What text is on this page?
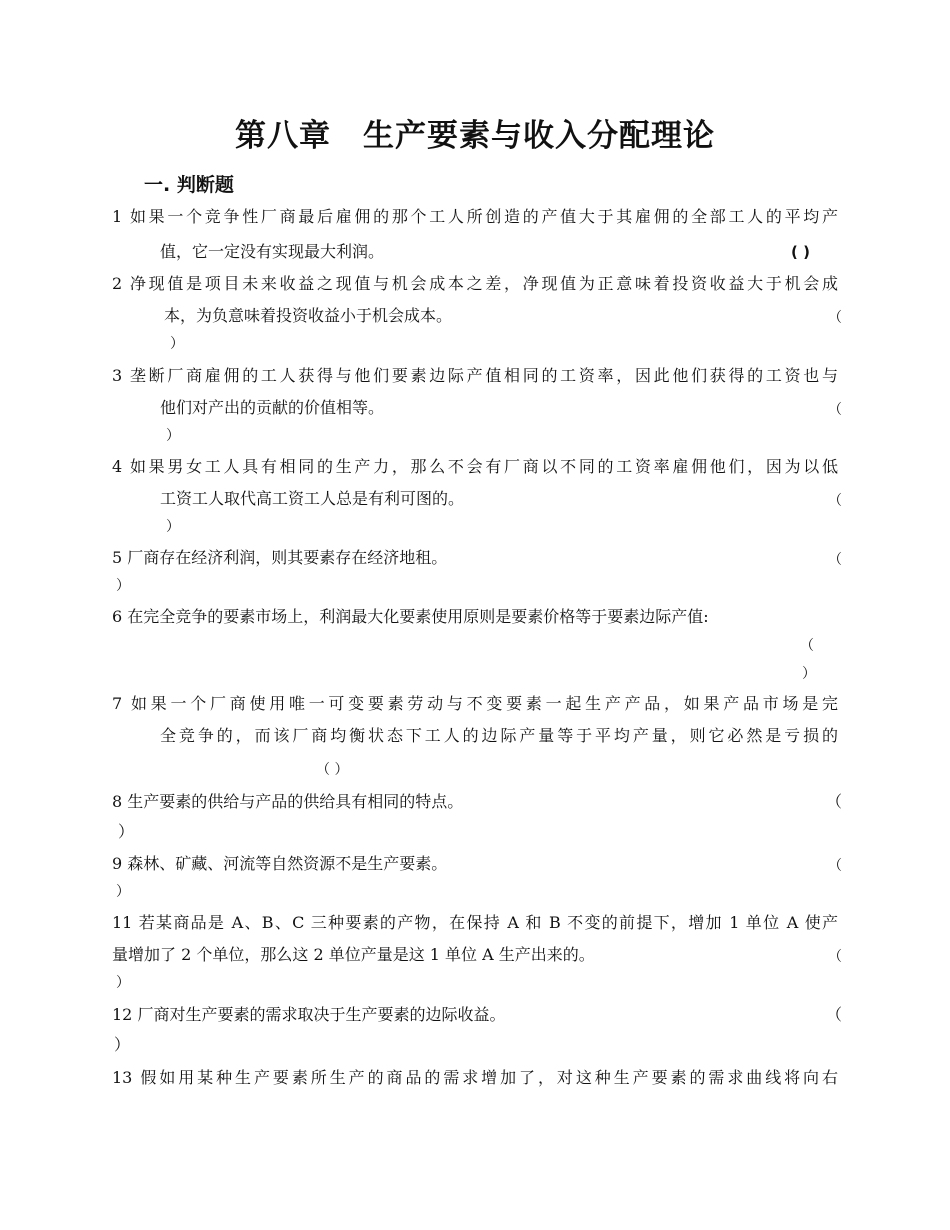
第八章　生产要素与收入分配理论
一. 判断题
1 如果一个竞争性厂商最后雇佣的那个工人所创造的产值大于其雇佣的全部工人的平均产
值，它一定没有实现最大利润。	( )
2 净现值是项目未来收益之现值与机会成本之差，净现值为正意味着投资收益大于机会成
本，为负意味着投资收益小于机会成本。	（
）
3 垄断厂商雇佣的工人获得与他们要素边际产值相同的工资率，因此他们获得的工资也与
他们对产出的贡献的价值相等。	（
）
4 如果男女工人具有相同的生产力，那么不会有厂商以不同的工资率雇佣他们，因为以低
工资工人取代高工资工人总是有利可图的。	（
）
5 厂商存在经济利润，则其要素存在经济地租。	（
）
6 在完全竞争的要素市场上，利润最大化要素使用原则是要素价格等于要素边际产值:
（
）
7 如果一个厂商使用唯一可变要素劳动与不变要素一起生产产品，如果产品市场是完
全竞争的，而该厂商均衡状态下工人的边际产量等于平均产量，则它必然是亏损的
（ ）
8 生产要素的供给与产品的供给具有相同的特点。	（
）
9 森林、矿藏、河流等自然资源不是生产要素。	（
）
11 若某商品是 A、B、C 三种要素的产物，在保持 A 和 B 不变的前提下，增加 1 单位 A 使产
量增加了 2 个单位，那么这 2 单位产量是这 1 单位 A 生产出来的。	（
）
12 厂商对生产要素的需求取决于生产要素的边际收益。	（
）
13 假如用某种生产要素所生产的商品的需求增加了，对这种生产要素的需求曲线将向右
